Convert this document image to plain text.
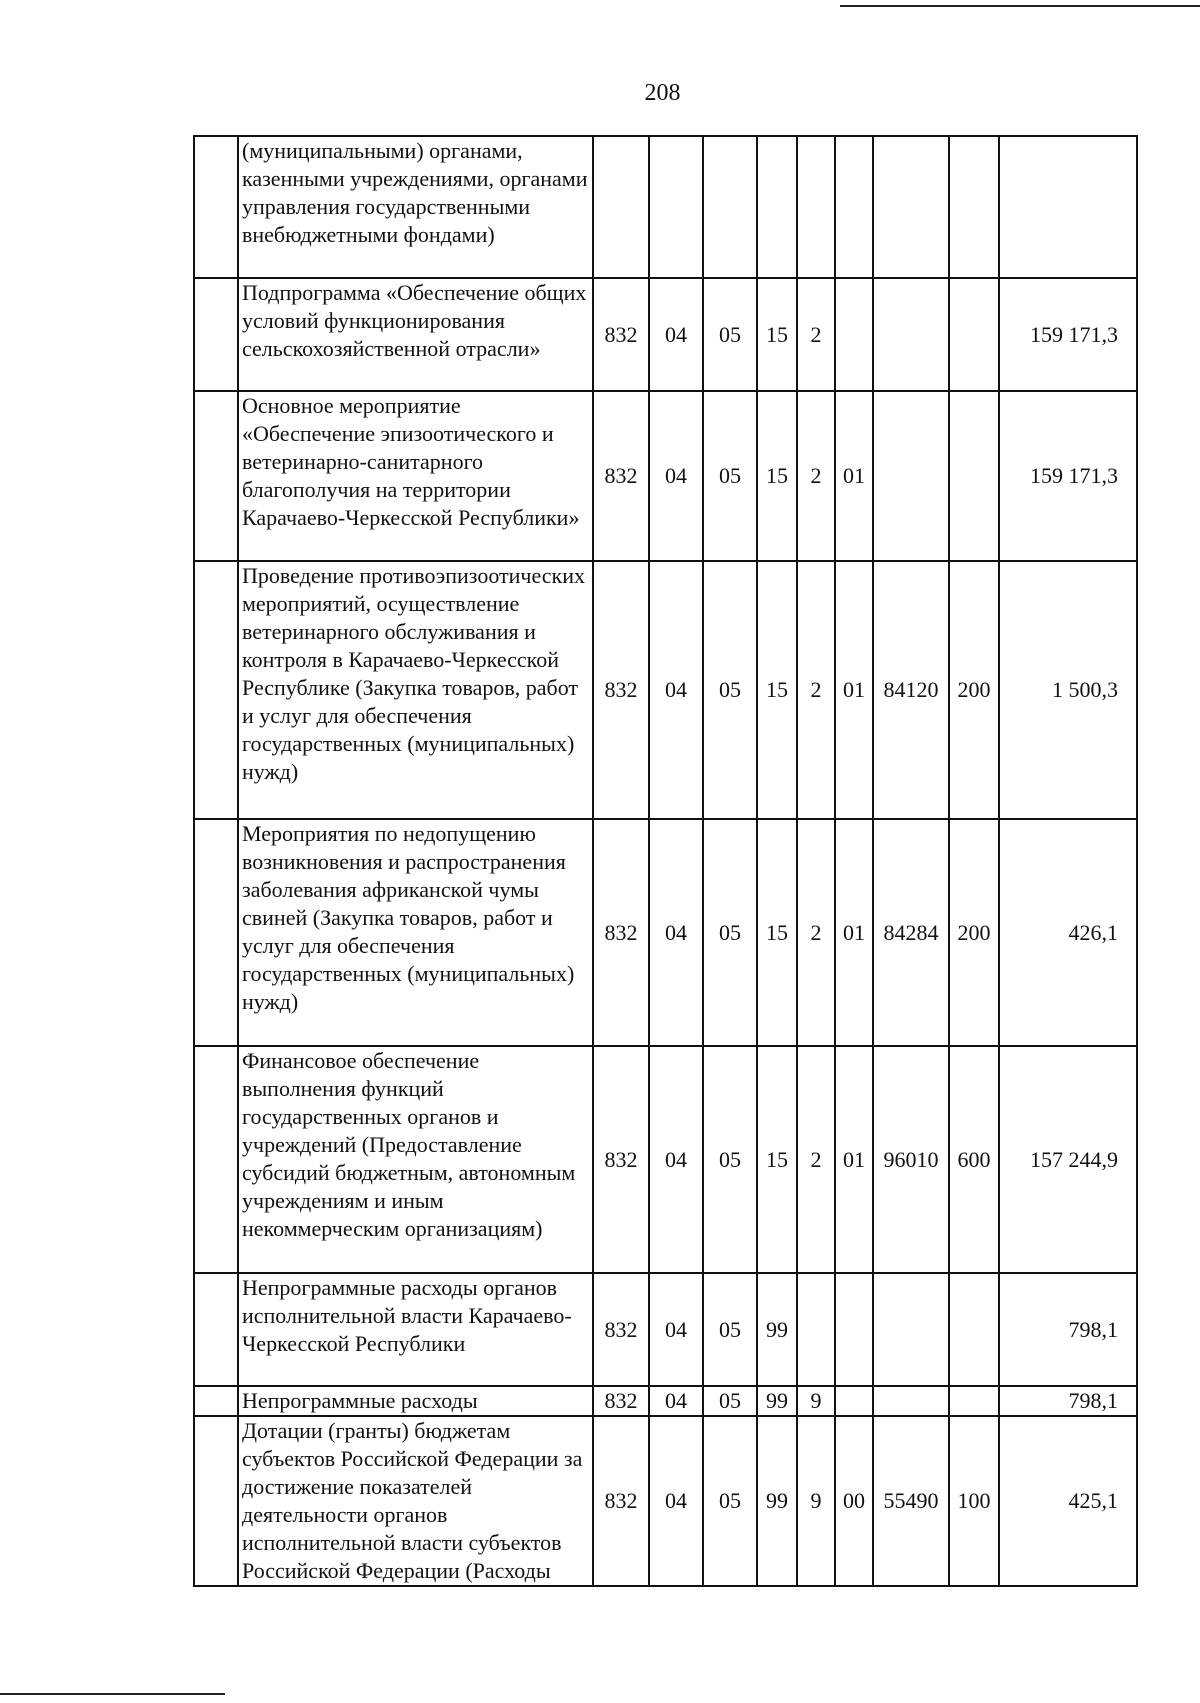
208
	(муниципальными) органами, казенными учреждениями, органами управления государственными внебюджетными фондами)									
	Подпрограмма «Обеспечение общих условий функционирования сельскохозяйственной отрасли»	832	04	05	15	2				159 171,3
	Основное мероприятие «Обеспечение эпизоотического и ветеринарно-санитарного благополучия на территории Карачаево-Черкесской Республики»	832	04	05	15	2	01			159 171,3
	Проведение противоэпизоотических мероприятий, осуществление ветеринарного обслуживания и контроля в Карачаево-Черкесской Республике (Закупка товаров, работ и услуг для обеспечения государственных (муниципальных) нужд)	832	04	05	15	2	01	84120	200	1 500,3
	Мероприятия по недопущению возникновения и распространения заболевания африканской чумы свиней (Закупка товаров, работ и услуг для обеспечения государственных (муниципальных) нужд)	832	04	05	15	2	01	84284	200	426,1
	Финансовое обеспечение выполнения функций государственных органов и учреждений (Предоставление субсидий бюджетным, автономным учреждениям и иным некоммерческим организациям)	832	04	05	15	2	01	96010	600	157 244,9
	Непрограммные расходы органов исполнительной власти Карачаево-Черкесской Республики	832	04	05	99					798,1
	Непрограммные расходы	832	04	05	99	9				798,1
	Дотации (гранты) бюджетам субъектов Российской Федерации за достижение показателей деятельности органов исполнительной власти субъектов Российской Федерации (Расходы	832	04	05	99	9	00	55490	100	425,1
